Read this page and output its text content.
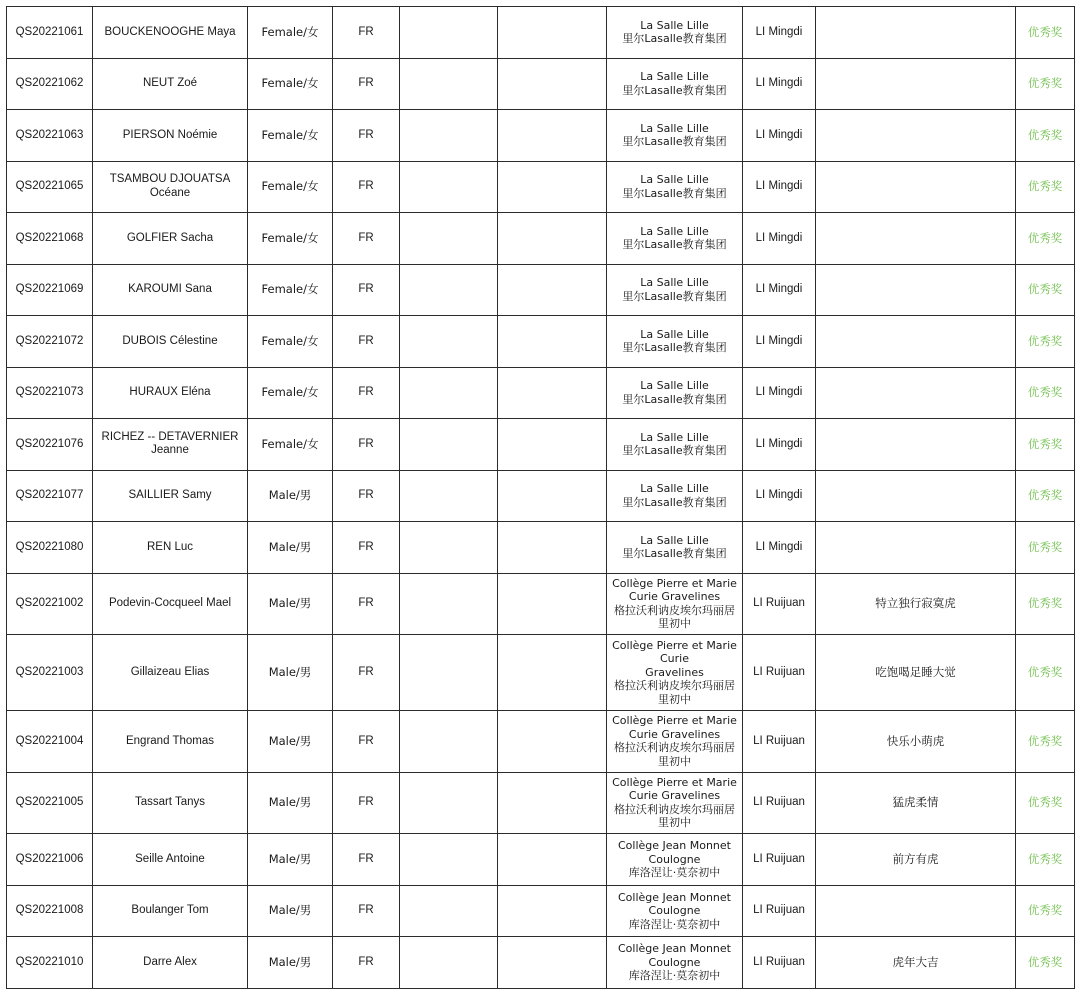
QS20221061	BOUCKENOOGHE Maya	Female/女	FR			La Salle Lille
里尔Lasalle教育集团	LI Mingdi		优秀奖
QS20221062	NEUT Zoé	Female/女	FR			La Salle Lille
里尔Lasalle教育集团	LI Mingdi		优秀奖
QS20221063	PIERSON Noémie	Female/女	FR			La Salle Lille
里尔Lasalle教育集团	LI Mingdi		优秀奖
QS20221065	TSAMBOU DJOUATSA Océane	Female/女	FR			La Salle Lille
里尔Lasalle教育集团	LI Mingdi		优秀奖
QS20221068	GOLFIER Sacha	Female/女	FR			La Salle Lille
里尔Lasalle教育集团	LI Mingdi		优秀奖
QS20221069	KAROUMI Sana	Female/女	FR			La Salle Lille
里尔Lasalle教育集团	LI Mingdi		优秀奖
QS20221072	DUBOIS Célestine	Female/女	FR			La Salle Lille
里尔Lasalle教育集团	LI Mingdi		优秀奖
QS20221073	HURAUX Eléna	Female/女	FR			La Salle Lille
里尔Lasalle教育集团	LI Mingdi		优秀奖
QS20221076	RICHEZ -- DETAVERNIER Jeanne	Female/女	FR			La Salle Lille
里尔Lasalle教育集团	LI Mingdi		优秀奖
QS20221077	SAILLIER Samy	Male/男	FR			La Salle Lille
里尔Lasalle教育集团	LI Mingdi		优秀奖
QS20221080	REN Luc	Male/男	FR			La Salle Lille
里尔Lasalle教育集团	LI Mingdi		优秀奖
QS20221002	Podevin-Cocqueel Mael	Male/男	FR			Collège Pierre et Marie
Curie Gravelines
格拉沃利讷皮埃尔玛丽居
里初中	LI Ruijuan	特立独行寂寞虎	优秀奖
QS20221003	Gillaizeau Elias	Male/男	FR			Collège Pierre et Marie
Curie
Gravelines
格拉沃利讷皮埃尔玛丽居
里初中	LI Ruijuan	吃饱喝足睡大觉	优秀奖
QS20221004	Engrand Thomas	Male/男	FR			Collège Pierre et Marie
Curie Gravelines
格拉沃利讷皮埃尔玛丽居
里初中	LI Ruijuan	快乐小萌虎	优秀奖
QS20221005	Tassart Tanys	Male/男	FR			Collège Pierre et Marie
Curie Gravelines
格拉沃利讷皮埃尔玛丽居
里初中	LI Ruijuan	猛虎柔情	优秀奖
QS20221006	Seille Antoine	Male/男	FR			Collège Jean Monnet
Coulogne
库洛涅让·莫奈初中	LI Ruijuan	前方有虎	优秀奖
QS20221008	Boulanger Tom	Male/男	FR			Collège Jean Monnet
Coulogne
库洛涅让·莫奈初中	LI Ruijuan		优秀奖
QS20221010	Darre Alex	Male/男	FR			Collège Jean Monnet
Coulogne
库洛涅让·莫奈初中	LI Ruijuan	虎年大吉	优秀奖
